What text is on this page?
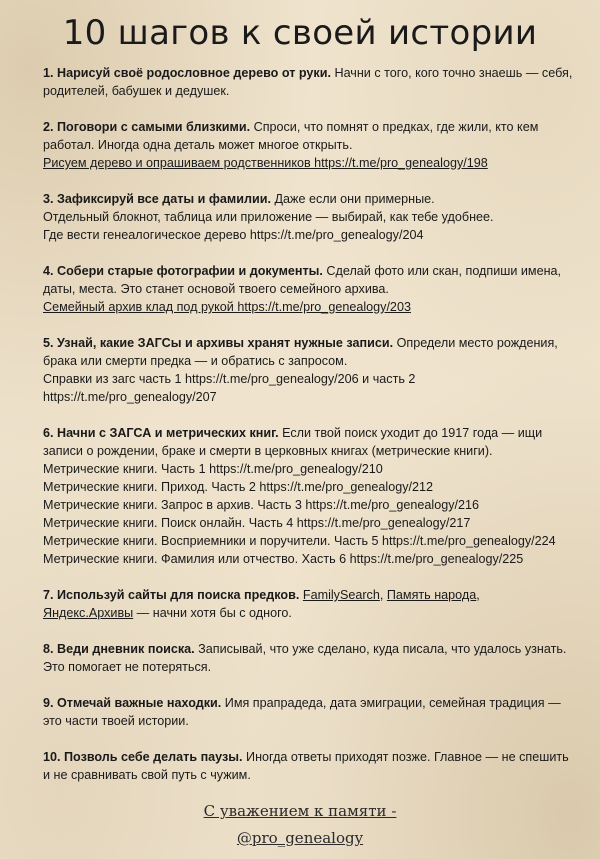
10 шагов к своей истории

1. Нарисуй своё родословное дерево от руки. Начни с того, кого точно знаешь — себя, родителей, бабушек и дедушек.

2. Поговори с самыми близкими. Спроси, что помнят о предках, где жили, кто кем работал. Иногда одна деталь может многое открыть.

Рисуем дерево и опрашиваем родственников https://t.me/pro_genealogy/198

3. Зафиксируй все даты и фамилии. Даже если они примерные.

Отдельный блокнот, таблица или приложение — выбирай, как тебе удобнее.

Где вести генеалогическое дерево https://t.me/pro_genealogy/204

4. Собери старые фотографии и документы. Сделай фото или скан, подпиши имена, даты, места. Это станет основой твоего семейного архива.

Семейный архив клад под рукой https://t.me/pro_genealogy/203

5. Узнай, какие ЗАГСы и архивы хранят нужные записи. Определи место рождения, брака или смерти предка — и обратись с запросом.

Справки из загс часть 1 https://t.me/pro_genealogy/206 и часть 2 https://t.me/pro_genealogy/207

6. Начни с ЗАГСА и метрических книг. Если твой поиск уходит до 1917 года — ищи записи о рождении, браке и смерти в церковных книгах (метрические книги).

Метрические книги. Часть 1 https://t.me/pro_genealogy/210

Метрические книги. Приход. Часть 2 https://t.me/pro_genealogy/212

Метрические книги. Запрос в архив. Часть 3 https://t.me/pro_genealogy/216

Метрические книги. Поиск онлайн. Часть 4 https://t.me/pro_genealogy/217

Метрические книги. Восприемники и поручители. Часть 5 https://t.me/pro_genealogy/224

Метрические книги. Фамилия или отчество. Хасть 6 https://t.me/pro_genealogy/225

7. Используй сайты для поиска предков. FamilySearch, Память народа, Яндекс.Архивы — начни хотя бы с одного.

8. Веди дневник поиска. Записывай, что уже сделано, куда писала, что удалось узнать. Это помогает не потеряться.

9. Отмечай важные находки. Имя прапрадеда, дата эмиграции, семейная традиция — это части твоей истории.

10. Позволь себе делать паузы. Иногда ответы приходят позже. Главное — не спешить и не сравнивать свой путь с чужим.

С уважением к памяти -
@pro_genealogy
